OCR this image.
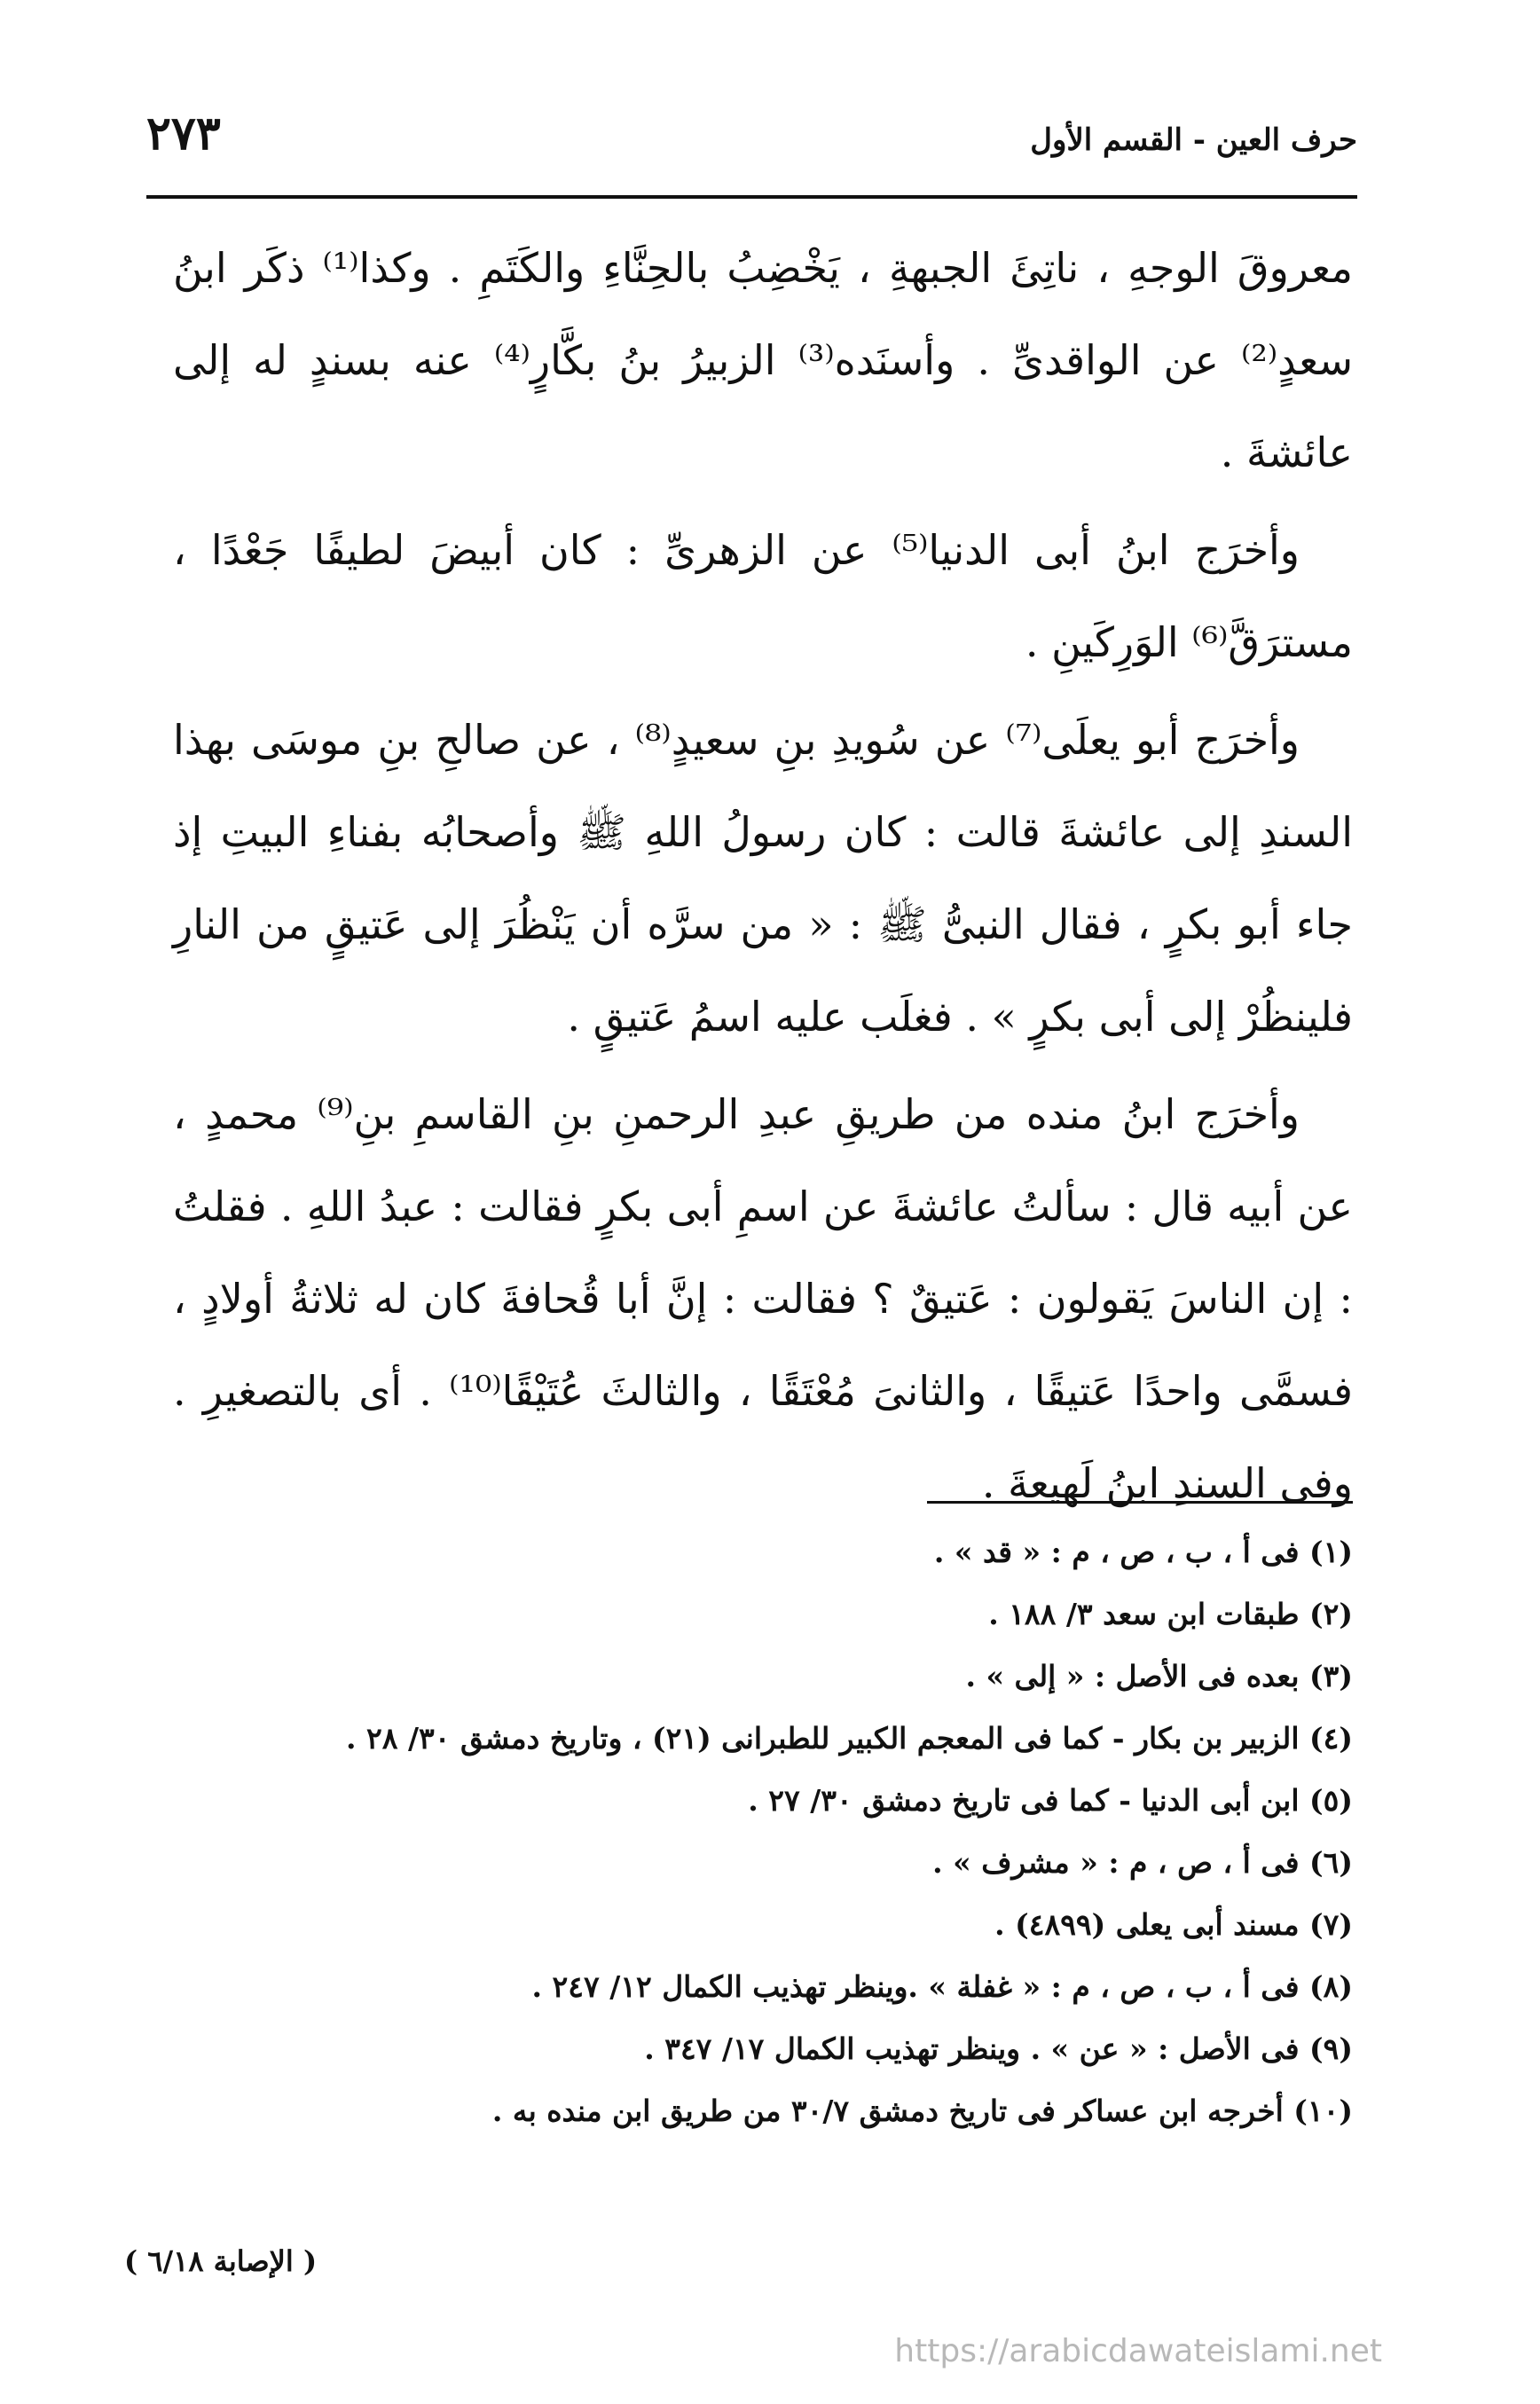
٢٧٣	حرف العين - القسم الأول

معروقَ الوجهِ ، ناتِئَ الجبهةِ ، يَخْضِبُ بالحِنَّاءِ والكَتَمِ . وكذا⁽¹⁾ ذكَر ابنُ سعدٍ⁽²⁾ عن الواقدىِّ . وأسنَده⁽³⁾ الزبيرُ بنُ بكَّارٍ⁽⁴⁾ عنه بسندٍ له إلى عائشةَ .

وأخرَج ابنُ أبى الدنيا⁽⁵⁾ عن الزهرىِّ : كان أبيضَ لطيفًا جَعْدًا ، مسترَقَّ⁽⁶⁾ الوَرِكَينِ .

وأخرَج أبو يعلَى⁽⁷⁾ عن سُويدِ بنِ سعيدٍ⁽⁸⁾ ، عن صالحِ بنِ موسَى بهذا السندِ إلى عائشةَ قالت : كان رسولُ اللهِ ﷺ وأصحابُه بفناءِ البيتِ إذ جاء أبو بكرٍ ، فقال النبىُّ ﷺ : « من سرَّه أن يَنْظُرَ إلى عَتيقٍ من النارِ فلينظُرْ إلى أبى بكرٍ » . فغلَب عليه اسمُ عَتيقٍ .

وأخرَج ابنُ منده من طريقِ عبدِ الرحمنِ بنِ القاسمِ بنِ⁽⁹⁾ محمدٍ ، عن أبيه قال : سألتُ عائشةَ عن اسمِ أبى بكرٍ فقالت : عبدُ اللهِ . فقلتُ : إن الناسَ يَقولون : عَتيقٌ ؟ فقالت : إنَّ أبا قُحافةَ كان له ثلاثةُ أولادٍ ، فسمَّى واحدًا عَتيقًا ، والثانىَ مُعْتَقًا ، والثالثَ عُتَيْقًا⁽¹⁰⁾ . أى بالتصغيرِ . وفى السندِ ابنُ لَهيعةَ .

(١) فى أ ، ب ، ص ، م : « قد » .
(٢) طبقات ابن سعد ٣/ ١٨٨ .
(٣) بعده فى الأصل : « إلى » .
(٤) الزبير بن بكار - كما فى المعجم الكبير للطبرانى (٢١) ، وتاريخ دمشق ٣٠/ ٢٨ .
(٥) ابن أبى الدنيا - كما فى تاريخ دمشق ٣٠/ ٢٧ .
(٦) فى أ ، ص ، م : « مشرف » .
(٧) مسند أبى يعلى (٤٨٩٩) .
(٨) فى أ ، ب ، ص ، م : « غفلة » .وينظر تهذيب الكمال ١٢/ ٢٤٧ .
(٩) فى الأصل : « عن » . وينظر تهذيب الكمال ١٧/ ٣٤٧ .
(١٠) أخرجه ابن عساكر فى تاريخ دمشق ٣٠/٧ من طريق ابن منده به .
( الإصابة ٦/١٨ )
https://arabicdawateislami.net
